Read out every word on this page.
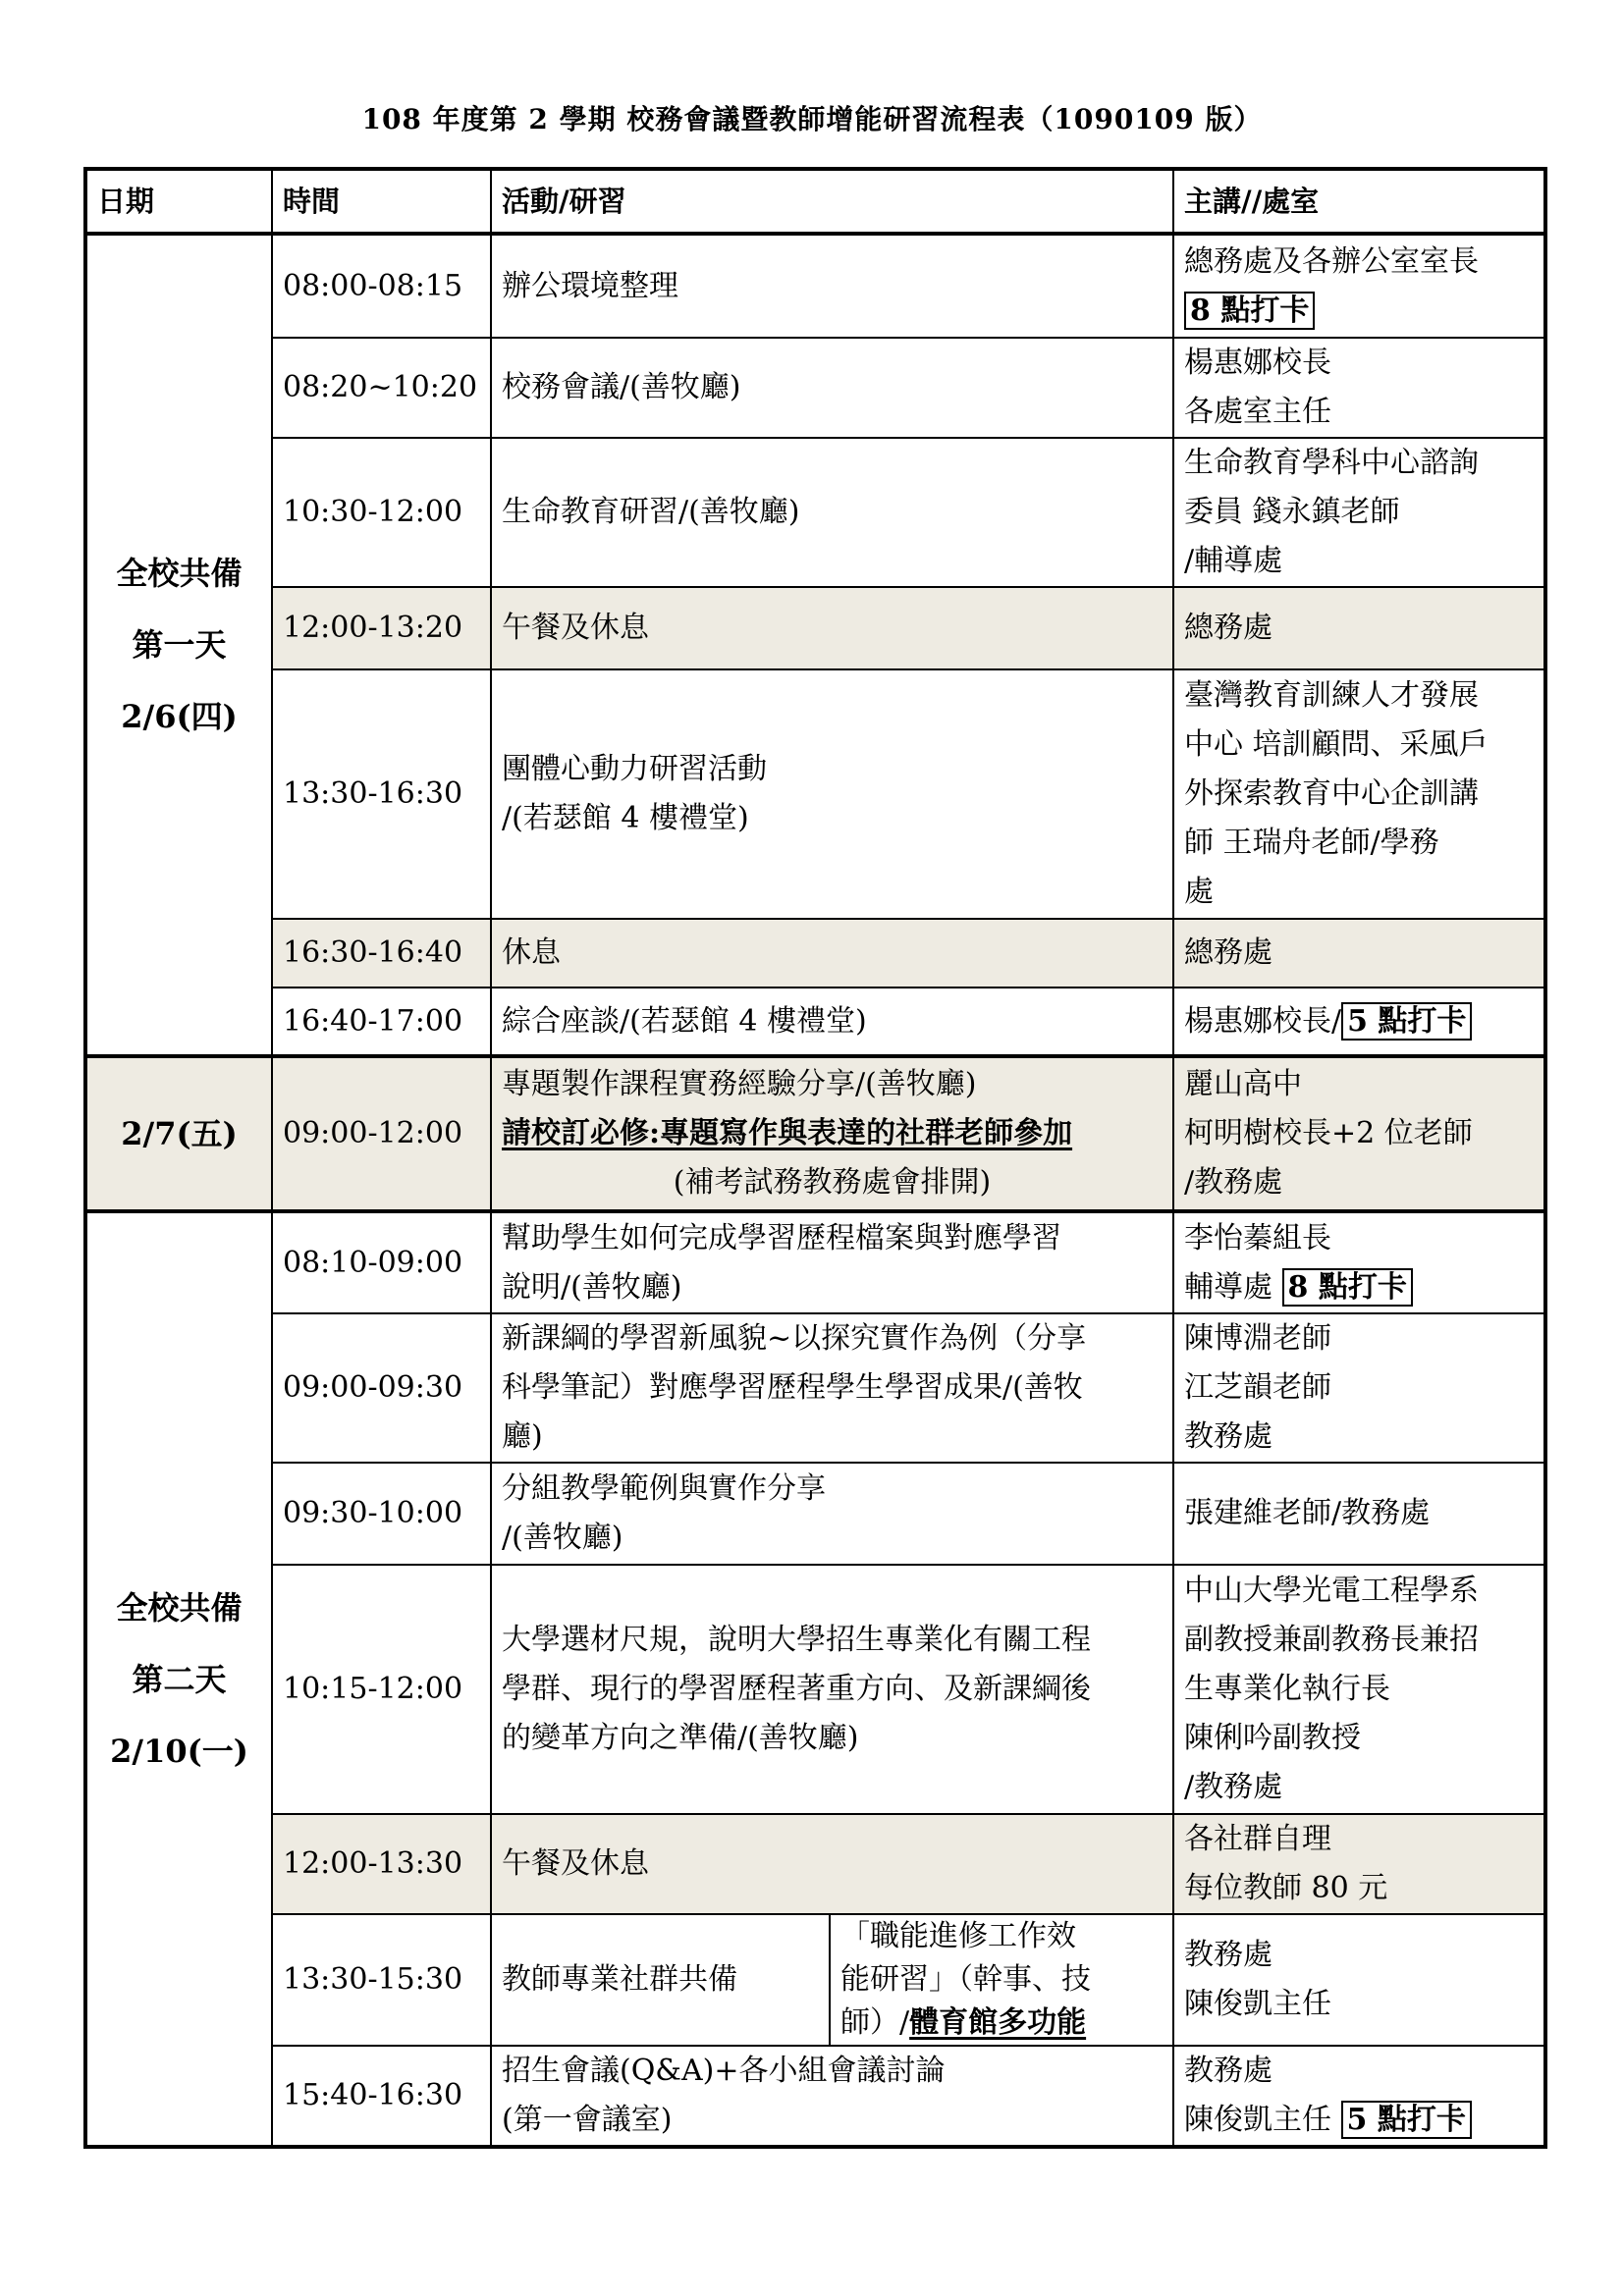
108 年度第 2 學期 校務會議暨教師增能研習流程表（1090109 版）
日期	時間	活動/研習		主講//處室

全校共備
第一天
2/6(四)	08:00-08:15	辦公環境整理		總務處及各辦公室室長
8 點打卡

	08:20~10:20	校務會議/(善牧廳)		楊惠娜校長
各處室主任

	10:30-12:00	生命教育研習/(善牧廳)		生命教育學科中心諮詢
委員 錢永鎮老師
/輔導處

	12:00-13:20	午餐及休息		總務處

	13:30-16:30	團體心動力研習活動
/(若瑟館 4 樓禮堂)		臺灣教育訓練人才發展
中心 培訓顧問、采風戶
外探索教育中心企訓講
師 王瑞舟老師/學務
處

	16:30-16:40	休息		總務處

	16:40-17:00	綜合座談/(若瑟館 4 樓禮堂)		楊惠娜校長/ 5 點打卡

2/7(五)	09:00-12:00	專題製作課程實務經驗分享/(善牧廳)
請校訂必修:專題寫作與表達的社群老師參加
(補考試務教務處會排開)		麗山高中
柯明樹校長+2 位老師
/教務處

全校共備
第二天
2/10(一)	08:10-09:00	幫助學生如何完成學習歷程檔案與對應學習
說明/(善牧廳)		李怡蓁組長
輔導處 8 點打卡

	09:00-09:30	新課綱的學習新風貌~以探究實作為例（分享
科學筆記）對應學習歷程學生學習成果/(善牧
廳)		陳博淵老師
江芝韻老師
教務處

	09:30-10:00	分組教學範例與實作分享
/(善牧廳)		張建維老師/教務處

	10:15-12:00	大學選材尺規，說明大學招生專業化有關工程
學群、現行的學習歷程著重方向、及新課綱後
的變革方向之準備/(善牧廳)		中山大學光電工程學系
副教授兼副教務長兼招
生專業化執行長
陳俐吟副教授
/教務處

	12:00-13:30	午餐及休息		各社群自理
每位教師 80 元

	13:30-15:30	教師專業社群共備	「職能進修工作效
能研習」（幹事、技
師）/體育館多功能	教務處
陳俊凱主任

	15:40-16:30	招生會議(Q&A)+各小組會議討論
(第一會議室)		教務處
陳俊凱主任 5 點打卡
